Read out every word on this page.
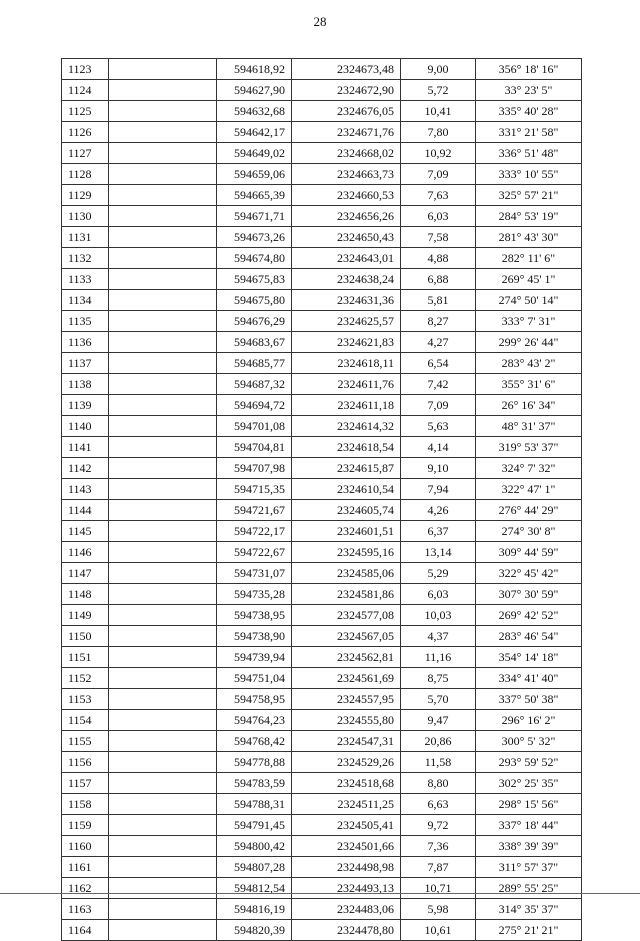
28
1123		594618,92	2324673,48	9,00	356° 18' 16"
1124		594627,90	2324672,90	5,72	33° 23' 5"
1125		594632,68	2324676,05	10,41	335° 40' 28"
1126		594642,17	2324671,76	7,80	331° 21' 58"
1127		594649,02	2324668,02	10,92	336° 51' 48"
1128		594659,06	2324663,73	7,09	333° 10' 55"
1129		594665,39	2324660,53	7,63	325° 57' 21"
1130		594671,71	2324656,26	6,03	284° 53' 19"
1131		594673,26	2324650,43	7,58	281° 43' 30"
1132		594674,80	2324643,01	4,88	282° 11' 6"
1133		594675,83	2324638,24	6,88	269° 45' 1"
1134		594675,80	2324631,36	5,81	274° 50' 14"
1135		594676,29	2324625,57	8,27	333° 7' 31"
1136		594683,67	2324621,83	4,27	299° 26' 44"
1137		594685,77	2324618,11	6,54	283° 43' 2"
1138		594687,32	2324611,76	7,42	355° 31' 6"
1139		594694,72	2324611,18	7,09	26° 16' 34"
1140		594701,08	2324614,32	5,63	48° 31' 37"
1141		594704,81	2324618,54	4,14	319° 53' 37"
1142		594707,98	2324615,87	9,10	324° 7' 32"
1143		594715,35	2324610,54	7,94	322° 47' 1"
1144		594721,67	2324605,74	4,26	276° 44' 29"
1145		594722,17	2324601,51	6,37	274° 30' 8"
1146		594722,67	2324595,16	13,14	309° 44' 59"
1147		594731,07	2324585,06	5,29	322° 45' 42"
1148		594735,28	2324581,86	6,03	307° 30' 59"
1149		594738,95	2324577,08	10,03	269° 42' 52"
1150		594738,90	2324567,05	4,37	283° 46' 54"
1151		594739,94	2324562,81	11,16	354° 14' 18"
1152		594751,04	2324561,69	8,75	334° 41' 40"
1153		594758,95	2324557,95	5,70	337° 50' 38"
1154		594764,23	2324555,80	9,47	296° 16' 2"
1155		594768,42	2324547,31	20,86	300° 5' 32"
1156		594778,88	2324529,26	11,58	293° 59' 52"
1157		594783,59	2324518,68	8,80	302° 25' 35"
1158		594788,31	2324511,25	6,63	298° 15' 56"
1159		594791,45	2324505,41	9,72	337° 18' 44"
1160		594800,42	2324501,66	7,36	338° 39' 39"
1161		594807,28	2324498,98	7,87	311° 57' 37"
1162		594812,54	2324493,13	10,71	289° 55' 25"
1163		594816,19	2324483,06	5,98	314° 35' 37"
1164		594820,39	2324478,80	10,61	275° 21' 21"
